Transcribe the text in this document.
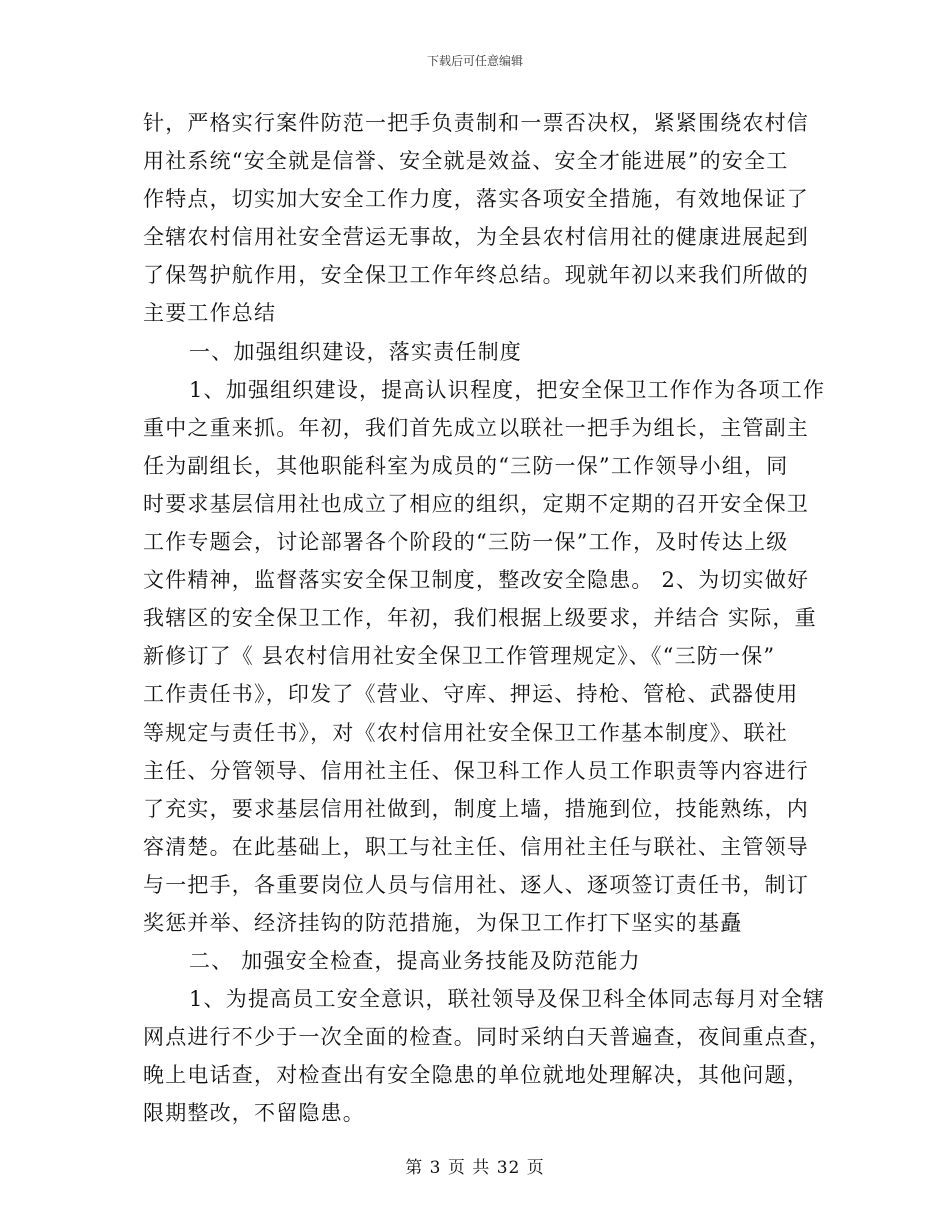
下载后可任意编辑
针，严格实行案件防范一把手负责制和一票否决权，紧紧围绕农村信
用社系统“安全就是信誉、安全就是效益、安全才能进展”的安全工
作特点，切实加大安全工作力度，落实各项安全措施，有效地保证了
全辖农村信用社安全营运无事故，为全县农村信用社的健康进展起到
了保驾护航作用，安全保卫工作年终总结。现就年初以来我们所做的
主要工作总结
一、加强组织建设，落实责任制度
1、加强组织建设，提高认识程度，把安全保卫工作作为各项工作
重中之重来抓。年初，我们首先成立以联社一把手为组长，主管副主
任为副组长，其他职能科室为成员的“三防一保”工作领导小组，同
时要求基层信用社也成立了相应的组织，定期不定期的召开安全保卫
工作专题会，讨论部署各个阶段的“三防一保”工作，及时传达上级
文件精神，监督落实安全保卫制度，整改安全隐患。 2、为切实做好
我辖区的安全保卫工作，年初，我们根据上级要求，并结合 实际，重
新修订了《 县农村信用社安全保卫工作管理规定》、《“三防一保”
工作责任书》，印发了《营业、守库、押运、持枪、管枪、武器使用
等规定与责任书》，对《农村信用社安全保卫工作基本制度》、联社
主任、分管领导、信用社主任、保卫科工作人员工作职责等内容进行
了充实，要求基层信用社做到，制度上墙，措施到位，技能熟练，内
容清楚。在此基础上，职工与社主任、信用社主任与联社、主管领导
与一把手，各重要岗位人员与信用社、逐人、逐项签订责任书，制订
奖惩并举、经济挂钩的防范措施，为保卫工作打下坚实的基矗
二、 加强安全检查，提高业务技能及防范能力
1、为提高员工安全意识，联社领导及保卫科全体同志每月对全辖
网点进行不少于一次全面的检查。同时采纳白天普遍查，夜间重点查，
晚上电话查，对检查出有安全隐患的单位就地处理解决，其他问题，
限期整改，不留隐患。
第 3 页 共 32 页
